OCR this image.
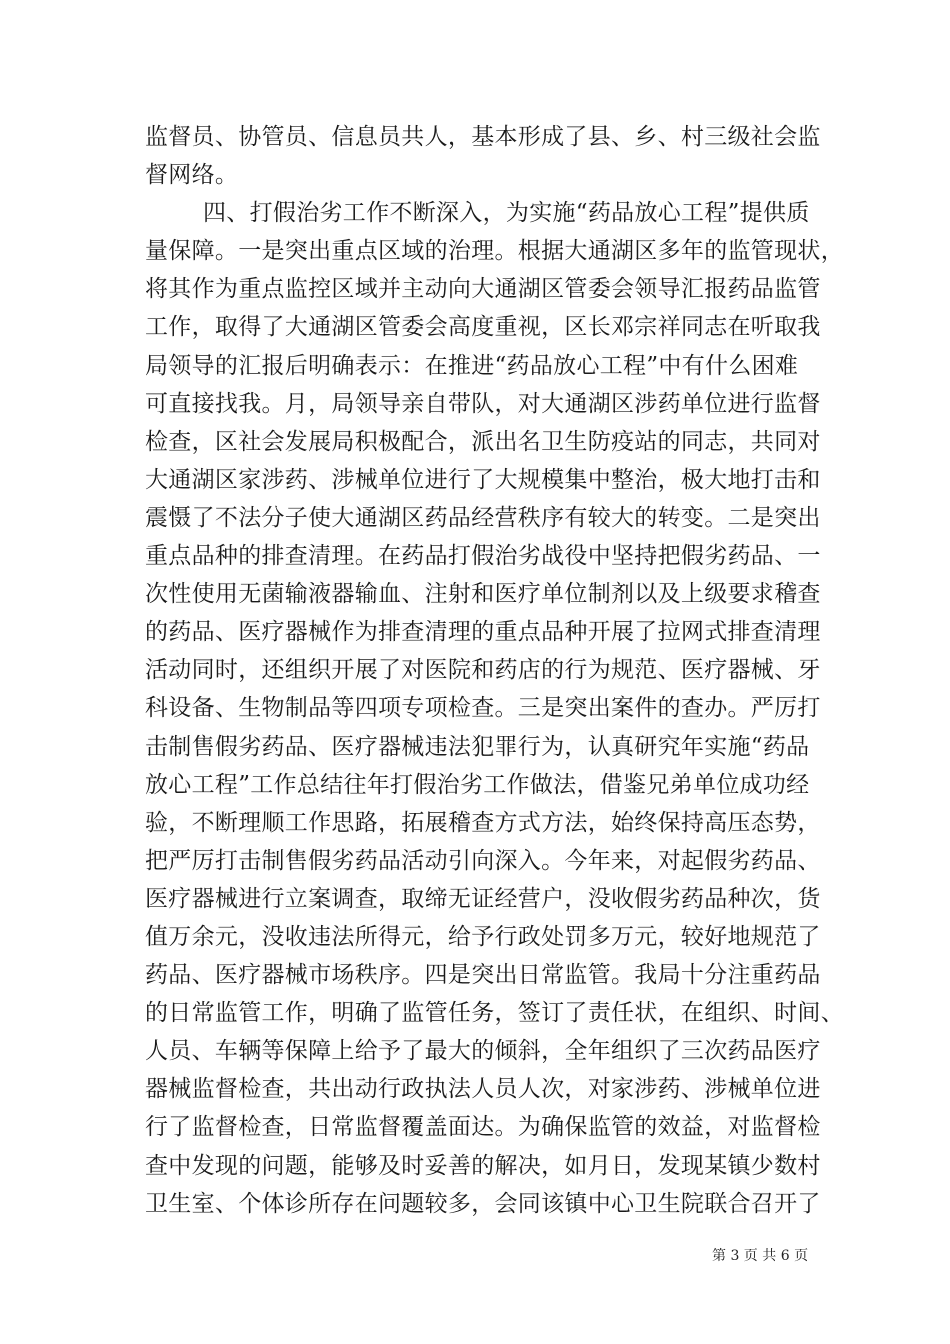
监督员、协管员、信息员共人，基本形成了县、乡、村三级社会监
督网络。
四、打假治劣工作不断深入，为实施“药品放心工程”提供质
量保障。一是突出重点区域的治理。根据大通湖区多年的监管现状，
将其作为重点监控区域并主动向大通湖区管委会领导汇报药品监管
工作，取得了大通湖区管委会高度重视，区长邓宗祥同志在听取我
局领导的汇报后明确表示：在推进“药品放心工程”中有什么困难
可直接找我。月，局领导亲自带队，对大通湖区涉药单位进行监督
检查，区社会发展局积极配合，派出名卫生防疫站的同志，共同对
大通湖区家涉药、涉械单位进行了大规模集中整治，极大地打击和
震慑了不法分子使大通湖区药品经营秩序有较大的转变。二是突出
重点品种的排查清理。在药品打假治劣战役中坚持把假劣药品、一
次性使用无菌输液器输血、注射和医疗单位制剂以及上级要求稽查
的药品、医疗器械作为排查清理的重点品种开展了拉网式排查清理
活动同时，还组织开展了对医院和药店的行为规范、医疗器械、牙
科设备、生物制品等四项专项检查。三是突出案件的查办。严厉打
击制售假劣药品、医疗器械违法犯罪行为，认真研究年实施“药品
放心工程”工作总结往年打假治劣工作做法，借鉴兄弟单位成功经
验，不断理顺工作思路，拓展稽查方式方法，始终保持高压态势，
把严厉打击制售假劣药品活动引向深入。今年来，对起假劣药品、
医疗器械进行立案调查，取缔无证经营户，没收假劣药品种次，货
值万余元，没收违法所得元，给予行政处罚多万元，较好地规范了
药品、医疗器械市场秩序。四是突出日常监管。我局十分注重药品
的日常监管工作，明确了监管任务，签订了责任状，在组织、时间、
人员、车辆等保障上给予了最大的倾斜，全年组织了三次药品医疗
器械监督检查，共出动行政执法人员人次，对家涉药、涉械单位进
行了监督检查，日常监督覆盖面达。为确保监管的效益，对监督检
查中发现的问题，能够及时妥善的解决，如月日，发现某镇少数村
卫生室、个体诊所存在问题较多，会同该镇中心卫生院联合召开了
第 3 页 共 6 页
